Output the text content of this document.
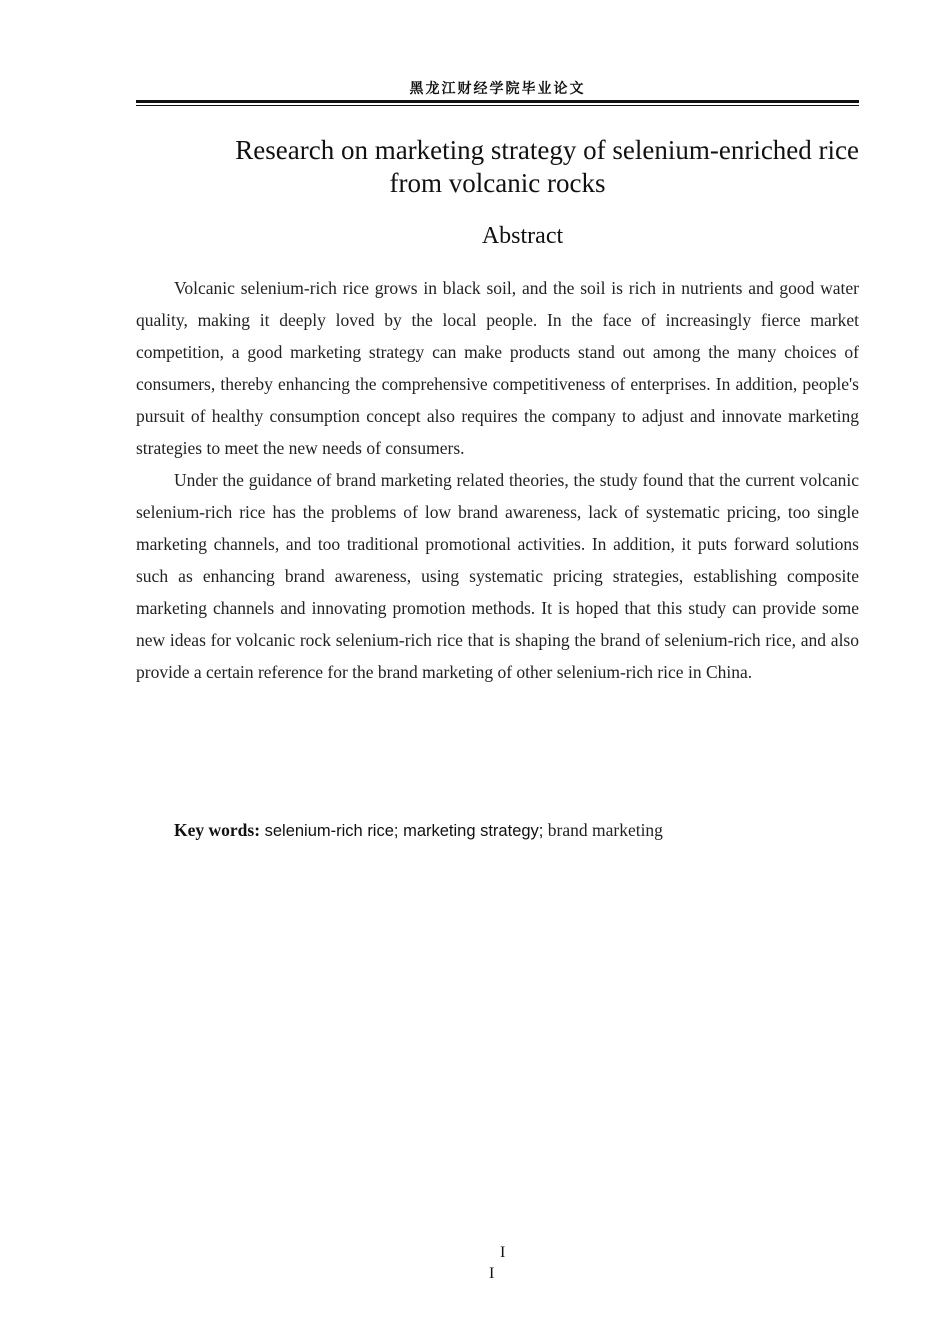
黑龙江财经学院毕业论文
Research on marketing strategy of selenium-enriched rice
from volcanic rocks
Abstract

Volcanic selenium-rich rice grows in black soil, and the soil is rich in nutrients and good water quality, making it deeply loved by the local people. In the face of increasingly fierce market competition, a good marketing strategy can make products stand out among the many choices of consumers, thereby enhancing the comprehensive competitiveness of enterprises. In addition, people's pursuit of healthy consumption concept also requires the company to adjust and innovate marketing strategies to meet the new needs of consumers.

Under the guidance of brand marketing related theories, the study found that the current volcanic selenium-rich rice has the problems of low brand awareness, lack of systematic pricing, too single marketing channels, and too traditional promotional activities. In addition, it puts forward solutions such as enhancing brand awareness, using systematic pricing strategies, establishing composite marketing channels and innovating promotion methods. It is hoped that this study can provide some new ideas for volcanic rock selenium-rich rice that is shaping the brand of selenium-rich rice, and also provide a certain reference for the brand marketing of other selenium-rich rice in China.

Key words: selenium-rich rice; marketing strategy; brand marketing
I
I
